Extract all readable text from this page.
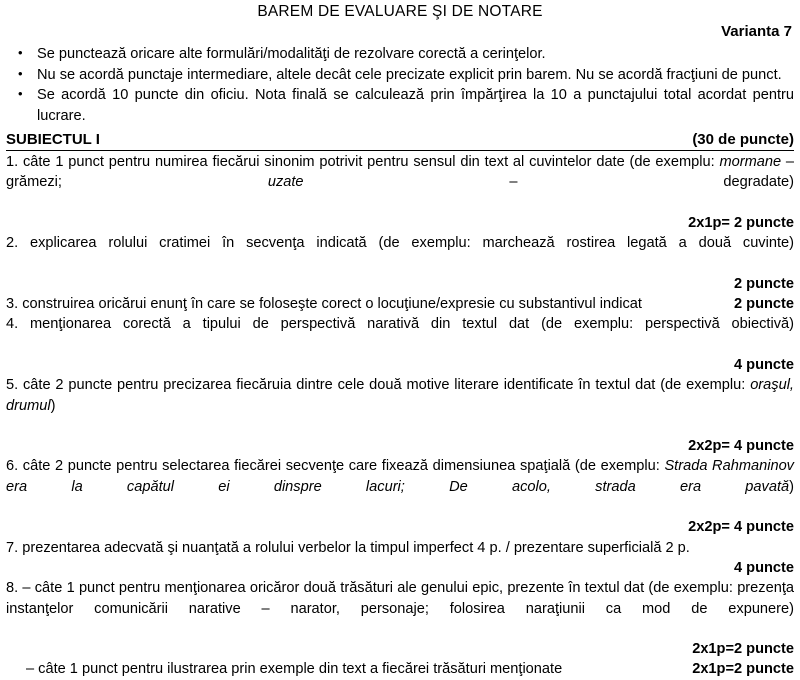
BAREM DE EVALUARE ŞI DE NOTARE
Varianta 7
• Se punctează oricare alte formulări/modalităţi de rezolvare corectă a cerinţelor.
• Nu se acordă punctaje intermediare, altele decât cele precizate explicit prin barem. Nu se acordă fracţiuni de punct.
• Se acordă 10 puncte din oficiu. Nota finală se calculează prin împărţirea la 10 a punctajului total acordat pentru lucrare.
SUBIECTUL I	(30 de puncte)
1. câte 1 punct pentru numirea fiecărui sinonim potrivit pentru sensul din text al cuvintelor date (de exemplu: mormane – grămezi; uzate – degradate)
2x1p= 2 puncte
2. explicarea rolului cratimei în secvenţa indicată (de exemplu: marchează rostirea legată a două cuvinte)
2 puncte
3. construirea oricărui enunţ în care se foloseşte corect o locuţiune/expresie cu substantivul indicat	2 puncte
4. menţionarea corectă a tipului de perspectivă narativă din textul dat (de exemplu: perspectivă obiectivă)
4 puncte
5. câte 2 puncte pentru precizarea fiecăruia dintre cele două motive literare identificate în textul dat (de exemplu: oraşul, drumul)
2x2p= 4 puncte
6. câte 2 puncte pentru selectarea fiecărei secvenţe care fixează dimensiunea spaţială (de exemplu: Strada Rahmaninov era la capătul ei dinspre lacuri; De acolo, strada era pavată)
2x2p= 4 puncte
7. prezentarea adecvată şi nuanţată a rolului verbelor la timpul imperfect 4 p. / prezentare superficială 2 p.
4 puncte
8. – câte 1 punct pentru menţionarea oricăror două trăsături ale genului epic, prezente în textul dat (de exemplu: prezenţa instanţelor comunicării narative – narator, personaje; folosirea naraţiunii ca mod de expunere)
2x1p=2 puncte
– câte 1 punct pentru ilustrarea prin exemple din text a fiecărei trăsături menţionate	2x1p=2 puncte
